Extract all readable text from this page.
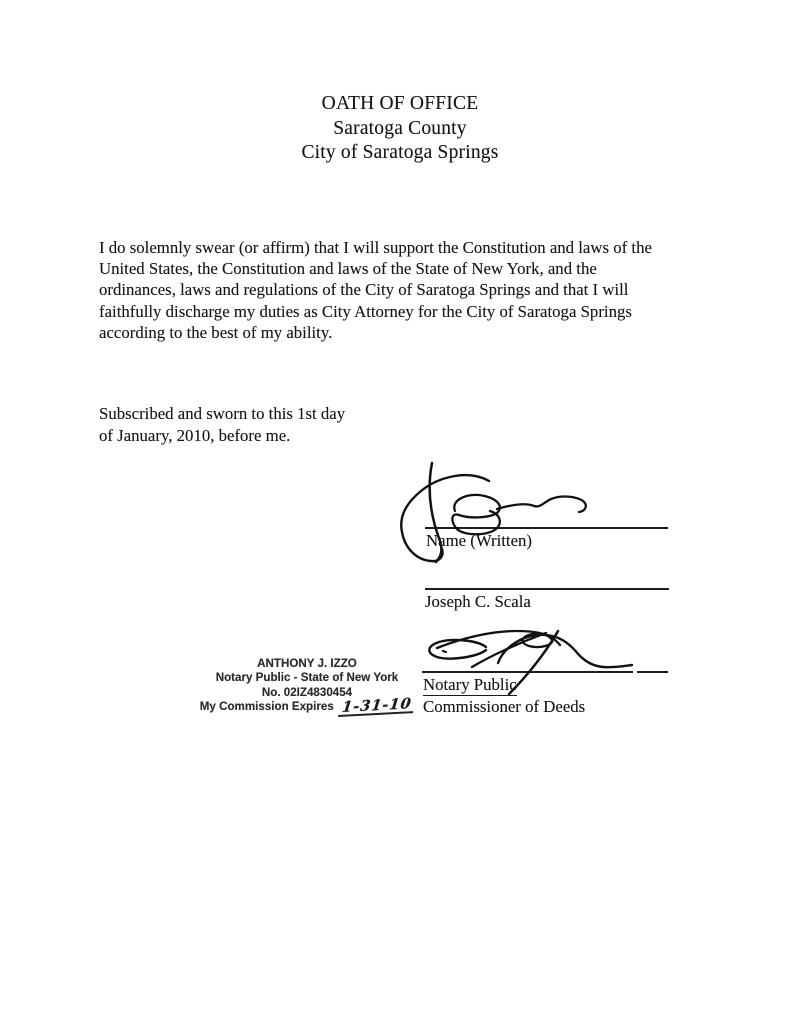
OATH OF OFFICE
Saratoga County
City of Saratoga Springs
I do solemnly swear (or affirm) that I will support the Constitution and laws of the
United States, the Constitution and laws of the State of New York, and the
ordinances, laws and regulations of the City of Saratoga Springs and that I will
faithfully discharge my duties as City Attorney for the City of Saratoga Springs
according to the best of my ability.
Subscribed and sworn to this 1st day
of January, 2010, before me.
Name (Written)
Joseph C. Scala
ANTHONY J. IZZO
Notary Public - State of New York
No. 02IZ4830454
My Commission Expires 1-31-10
Notary Public
Commissioner of Deeds
